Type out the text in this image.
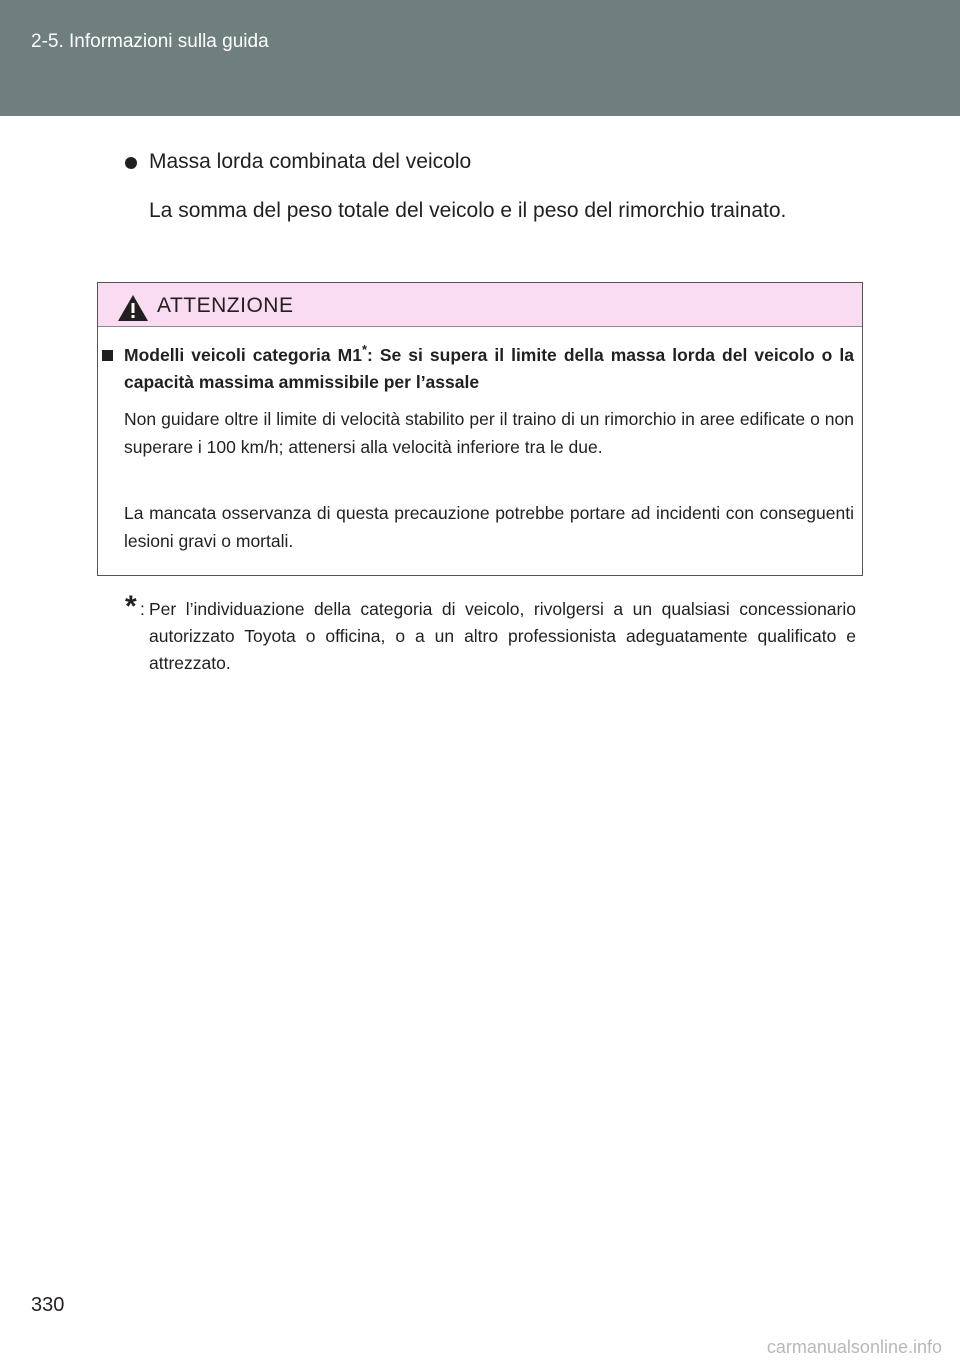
2-5. Informazioni sulla guida
Massa lorda combinata del veicolo
La somma del peso totale del veicolo e il peso del rimorchio trainato.
ATTENZIONE
Modelli veicoli categoria M1*: Se si supera il limite della massa lorda del veicolo o la capacità massima ammissibile per l’assale
Non guidare oltre il limite di velocità stabilito per il traino di un rimorchio in aree edificate o non superare i 100 km/h; attenersi alla velocità inferiore tra le due.
La mancata osservanza di questa precauzione potrebbe portare ad incidenti con conseguenti lesioni gravi o mortali.
* : Per l’individuazione della categoria di veicolo, rivolgersi a un qualsiasi concessionario autorizzato Toyota o officina, o a un altro professionista adeguatamente qualificato e attrezzato.
330
carmanualsonline.info
